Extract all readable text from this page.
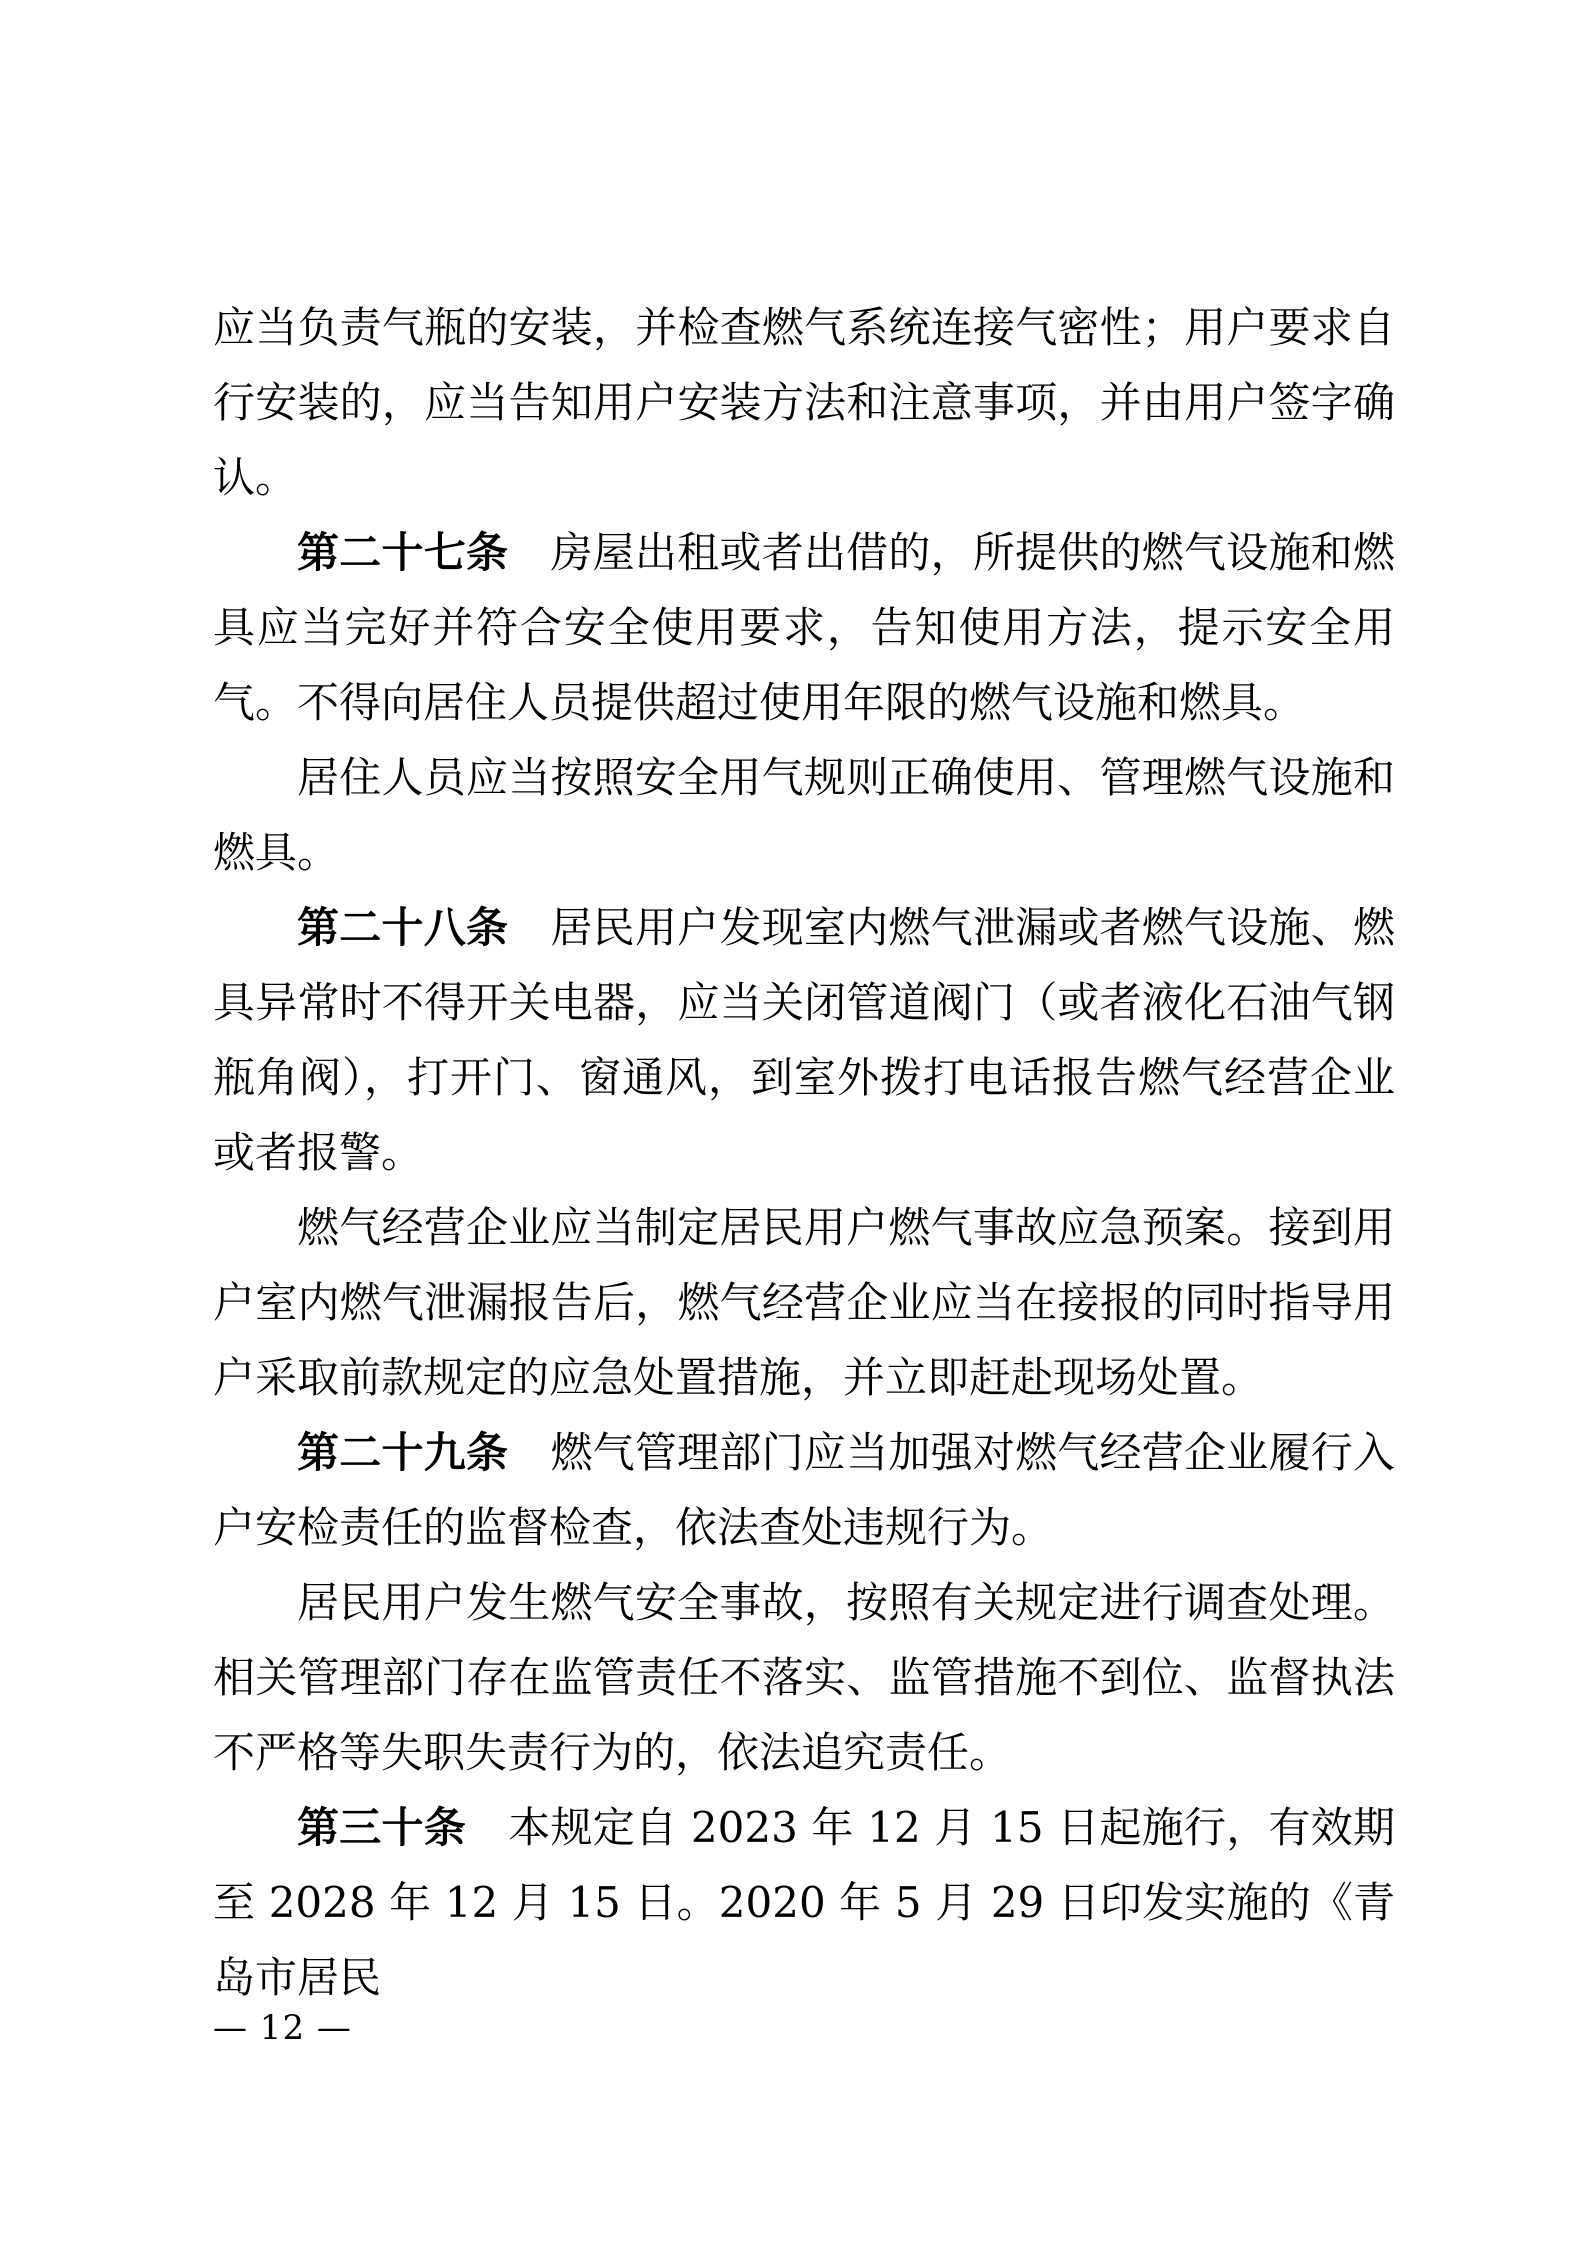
应当负责气瓶的安装，并检查燃气系统连接气密性；用户要求自行安装的，应当告知用户安装方法和注意事项，并由用户签字确认。

第二十七条　房屋出租或者出借的，所提供的燃气设施和燃具应当完好并符合安全使用要求，告知使用方法，提示安全用气。不得向居住人员提供超过使用年限的燃气设施和燃具。

居住人员应当按照安全用气规则正确使用、管理燃气设施和燃具。

第二十八条　居民用户发现室内燃气泄漏或者燃气设施、燃具异常时不得开关电器，应当关闭管道阀门（或者液化石油气钢瓶角阀），打开门、窗通风，到室外拨打电话报告燃气经营企业或者报警。

燃气经营企业应当制定居民用户燃气事故应急预案。接到用户室内燃气泄漏报告后，燃气经营企业应当在接报的同时指导用户采取前款规定的应急处置措施，并立即赶赴现场处置。

第二十九条　燃气管理部门应当加强对燃气经营企业履行入户安检责任的监督检查，依法查处违规行为。

居民用户发生燃气安全事故，按照有关规定进行调查处理。相关管理部门存在监管责任不落实、监管措施不到位、监督执法不严格等失职失责行为的，依法追究责任。

第三十条　本规定自 2023 年 12 月 15 日起施行，有效期至 2028 年 12 月 15 日。2020 年 5 月 29 日印发实施的《青岛市居民

— 12 —
